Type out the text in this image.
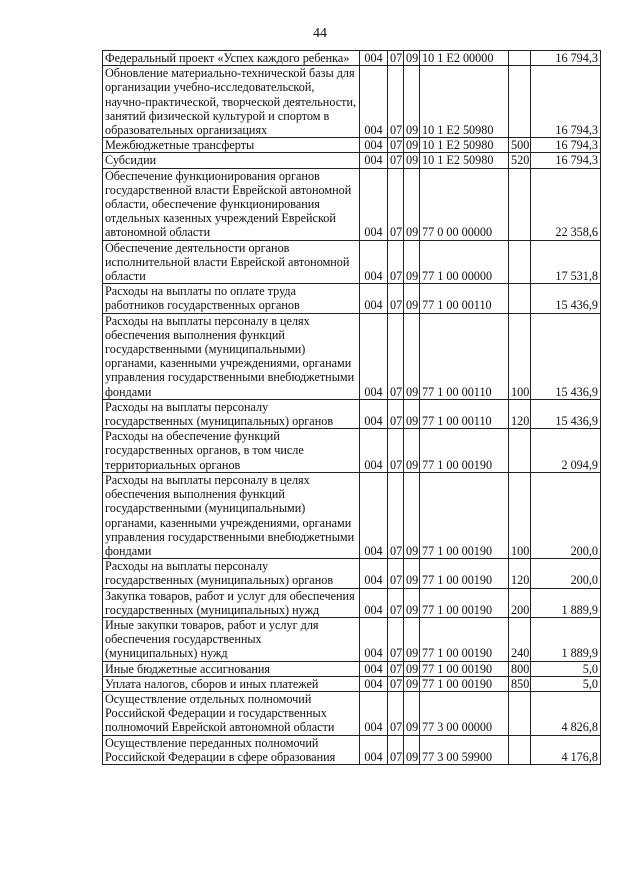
44
Федеральный проект «Успех каждого ребенка»	004	07	09	10 1 E2 00000		16 794,3
Обновление материально-технической базы для организации учебно-исследовательской, научно-практической, творческой деятельности, занятий физической культурой и спортом в образовательных организациях	004	07	09	10 1 E2 50980		16 794,3
Межбюджетные трансферты	004	07	09	10 1 E2 50980	500	16 794,3
Субсидии	004	07	09	10 1 E2 50980	520	16 794,3
Обеспечение функционирования органов государственной власти Еврейской автономной области, обеспечение функционирования отдельных казенных учреждений Еврейской автономной области	004	07	09	77 0 00 00000		22 358,6
Обеспечение деятельности органов исполнительной власти Еврейской автономной области	004	07	09	77 1 00 00000		17 531,8
Расходы на выплаты по оплате труда работников государственных органов	004	07	09	77 1 00 00110		15 436,9
Расходы на выплаты персоналу в целях обеспечения выполнения функций государственными (муниципальными) органами, казенными учреждениями, органами управления государственными внебюджетными фондами	004	07	09	77 1 00 00110	100	15 436,9
Расходы на выплаты персоналу государственных (муниципальных) органов	004	07	09	77 1 00 00110	120	15 436,9
Расходы на обеспечение функций государственных органов, в том числе территориальных органов	004	07	09	77 1 00 00190		2 094,9
Расходы на выплаты персоналу в целях обеспечения выполнения функций государственными (муниципальными) органами, казенными учреждениями, органами управления государственными внебюджетными фондами	004	07	09	77 1 00 00190	100	200,0
Расходы на выплаты персоналу государственных (муниципальных) органов	004	07	09	77 1 00 00190	120	200,0
Закупка товаров, работ и услуг для обеспечения государственных (муниципальных) нужд	004	07	09	77 1 00 00190	200	1 889,9
Иные закупки товаров, работ и услуг для обеспечения государственных (муниципальных) нужд	004	07	09	77 1 00 00190	240	1 889,9
Иные бюджетные ассигнования	004	07	09	77 1 00 00190	800	5,0
Уплата налогов, сборов и иных платежей	004	07	09	77 1 00 00190	850	5,0
Осуществление отдельных полномочий Российской Федерации и государственных полномочий Еврейской автономной области	004	07	09	77 3 00 00000		4 826,8
Осуществление переданных полномочий Российской Федерации в сфере образования	004	07	09	77 3 00 59900		4 176,8
